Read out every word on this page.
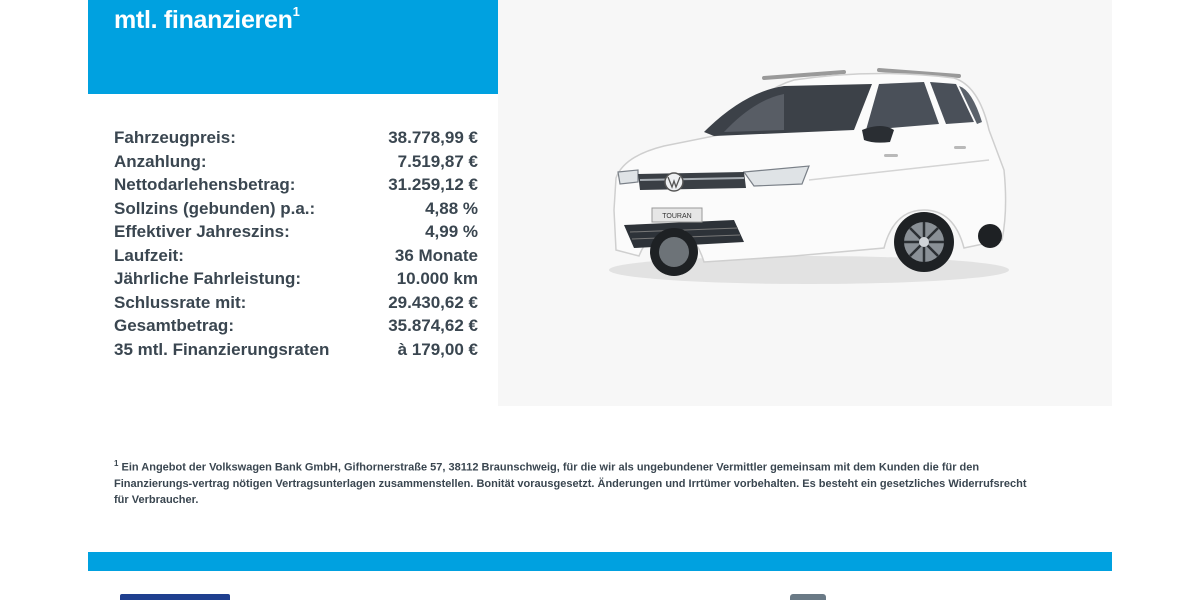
mtl. finanzieren$^1$
Fahrzeugpreis:	38.778,99 €
Anzahlung:	7.519,87 €
Nettodarlehensbetrag:	31.259,12 €
Sollzins (gebunden) p.a.:	4,88 %
Effektiver Jahreszins:	4,99 %
Laufzeit:	36 Monate
Jährliche Fahrleistung:	10.000 km
Schlussrate mit:	29.430,62 €
Gesamtbetrag:	35.874,62 €
35 mtl. Finanzierungsraten	à 179,00 €
TOURAN
$^1$ Ein Angebot der Volkswagen Bank GmbH, Gifhornerstraße 57, 38112 Braunschweig, für die wir als ungebundener Vermittler gemeinsam mit dem Kunden die für den Finanzierungs-vertrag nötigen Vertragsunterlagen zusammenstellen. Bonität vorausgesetzt. Änderungen und Irrtümer vorbehalten. Es besteht ein gesetzliches Widerrufsrecht für Verbraucher.
